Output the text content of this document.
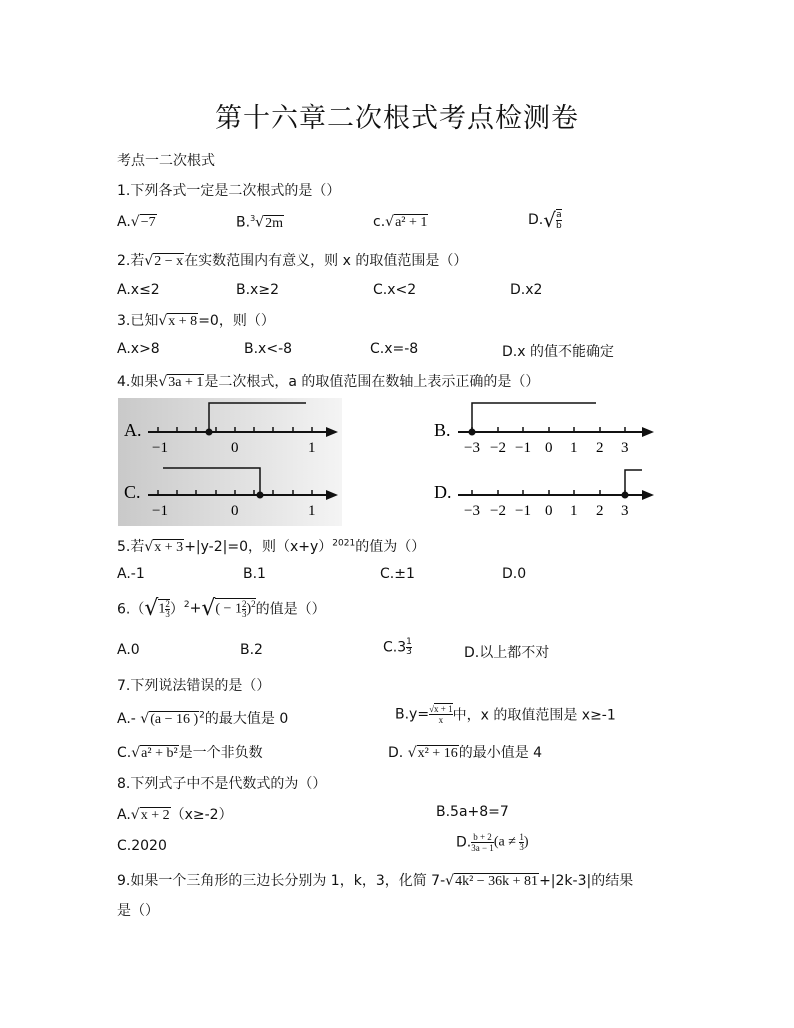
第十六章二次根式考点检测卷
考点一二次根式
1.下列各式一定是二次根式的是（）
A.√−7	B.$^3$√2m	c.√a² + 1	$D.√ \frac{a}{b}$
2.若√2 − x在实数范围内有意义，则 x 的取值范围是（）
A.x≤2	B.x≥2	C.x<2	D.x2
3.已知√x + 8=0，则（）
A.x>8	B.x<-8	C.x=-8	D.x 的值不能确定
4.如果√3a + 1是二次根式，a 的取值范围在数轴上表示正确的是（）
A.
−1	0	1
C.
−1	0	1
B.
−3 −2 −1 0 1 2 3
D.
−3 −2 −1 0 1 2 3
5.若√x + 3+|y-2|=0，则$(x+y)^{2021}$的值为（）
A.-1	B.1	C.±1	D.0
$6.(√1 \frac{2}{3} )^2+√( - 1 \frac{2}{3} )^2$的值是（）
A.0	B.2	$C.3 \frac{1}{3}$	D.以上都不对
7.下列说法错误的是（）
A.- √(a − 16 )$^2$的最大值是 0	$B.y= \frac{√x + 1}{x}$ 中，x 的取值范围是 x≥-1
C.√a² + b²是一个非负数	D. √x² + 16的最小值是 4
8.下列式子中不是代数式的为（）
A.√x + 2（x≥-2）	B.5a+8=7
C.2020	D. $\frac{b + 2}{3a - 1} (a \ne \frac{1}{3}$ )
9.如果一个三角形的三边长分别为 1，k，3，化简 7-√4k² − 36k + 81+|2k-3|的结果
是（）
